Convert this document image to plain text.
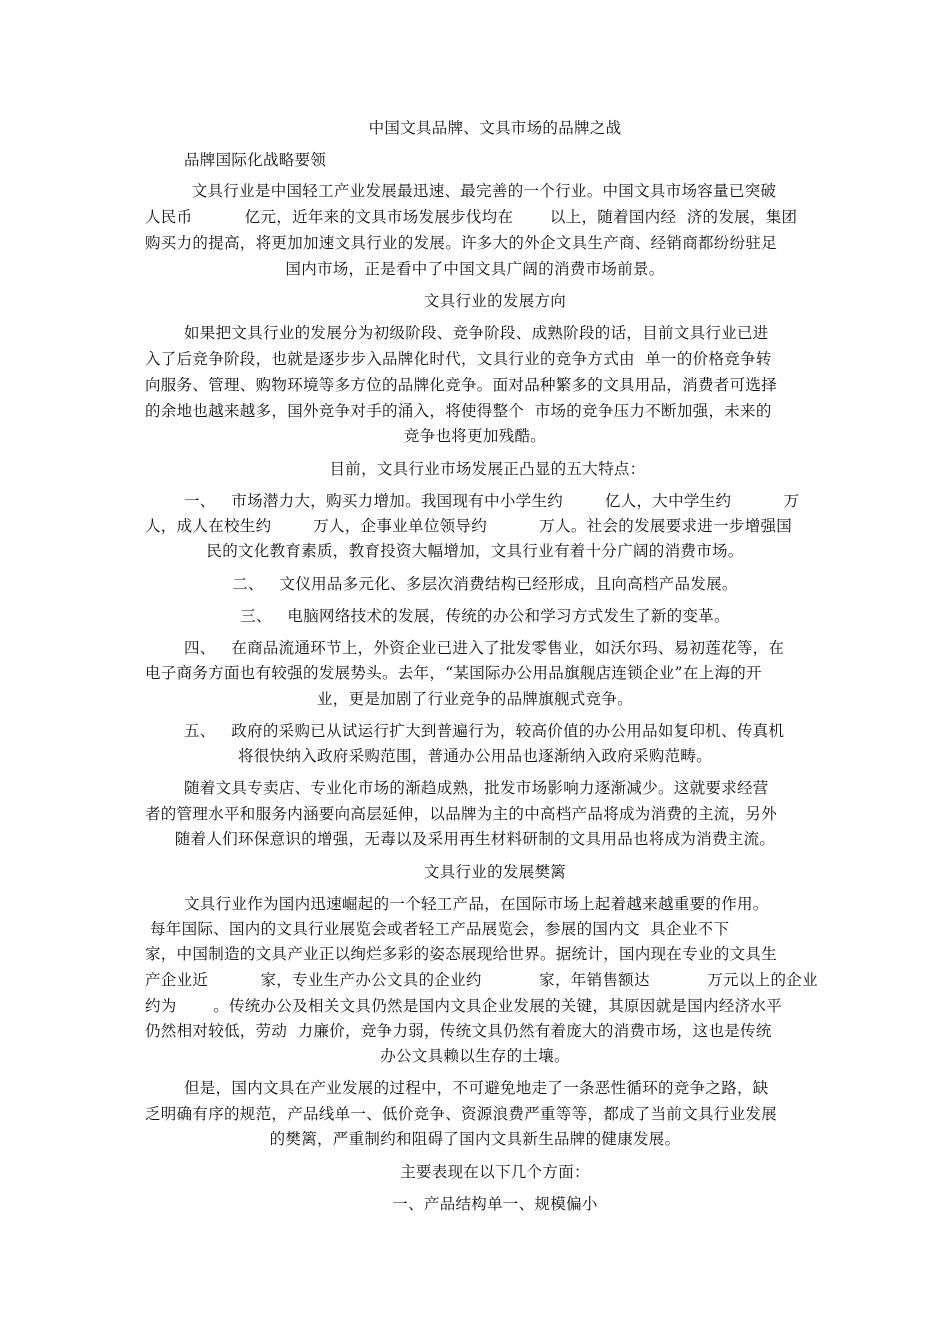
中国文具品牌、文具市场的品牌之战
品牌国际化战略要领
文具行业是中国轻工产业发展最迅速、最完善的一个行业。中国文具市场容量已突破
人民币          亿元，近年来的文具市场发展步伐均在       以上，随着国内经  济的发展，集团
购买力的提高，将更加加速文具行业的发展。许多大的外企文具生产商、经销商都纷纷驻足
国内市场，正是看中了中国文具广阔的消费市场前景。
文具行业的发展方向
如果把文具行业的发展分为初级阶段、竞争阶段、成熟阶段的话，目前文具行业已进
入了后竞争阶段，也就是逐步步入品牌化时代，文具行业的竞争方式由  单一的价格竞争转
向服务、管理、购物环境等多方位的品牌化竞争。面对品种繁多的文具用品，消费者可选择
的余地也越来越多，国外竞争对手的涌入，将使得整个  市场的竞争压力不断加强，未来的
竞争也将更加残酷。
目前，文具行业市场发展正凸显的五大特点：
一、   市场潜力大，购买力增加。我国现有中小学生约        亿人，大中学生约          万
人，成人在校生约        万人，企事业单位领导约          万人。社会的发展要求进一步增强国
民的文化教育素质，教育投资大幅增加，文具行业有着十分广阔的消费市场。
二、   文仪用品多元化、多层次消费结构已经形成，且向高档产品发展。
三、   电脑网络技术的发展，传统的办公和学习方式发生了新的变革。
四、   在商品流通环节上，外资企业已进入了批发零售业，如沃尔玛、易初莲花等，在
电子商务方面也有较强的发展势头。去年，“某国际办公用品旗舰店连锁企业”在上海的开
业，更是加剧了行业竞争的品牌旗舰式竞争。
五、   政府的采购已从试运行扩大到普遍行为，较高价值的办公用品如复印机、传真机
将很快纳入政府采购范围，普通办公用品也逐渐纳入政府采购范畴。
随着文具专卖店、专业化市场的渐趋成熟，批发市场影响力逐渐减少。这就要求经营
者的管理水平和服务内涵要向高层延伸，以品牌为主的中高档产品将成为消费的主流，另外
随着人们环保意识的增强，无毒以及采用再生材料研制的文具用品也将成为消费主流。
文具行业的发展樊篱
文具行业作为国内迅速崛起的一个轻工产品，在国际市场上起着越来越重要的作用。
每年国际、国内的文具行业展览会或者轻工产品展览会，参展的国内文  具企业不下
家，中国制造的文具产业正以绚烂多彩的姿态展现给世界。据统计，国内现在专业的文具生
产企业近          家，专业生产办公文具的企业约           家，年销售额达           万元以上的企业
约为       。传统办公及相关文具仍然是国内文具企业发展的关键，其原因就是国内经济水平
仍然相对较低，劳动  力廉价，竞争力弱，传统文具仍然有着庞大的消费市场，这也是传统
办公文具赖以生存的土壤。
但是，国内文具在产业发展的过程中，不可避免地走了一条恶性循环的竞争之路，缺
乏明确有序的规范，产品线单一、低价竞争、资源浪费严重等等，都成了当前文具行业发展
的樊篱，严重制约和阻碍了国内文具新生品牌的健康发展。
主要表现在以下几个方面：
一、产品结构单一、规模偏小
